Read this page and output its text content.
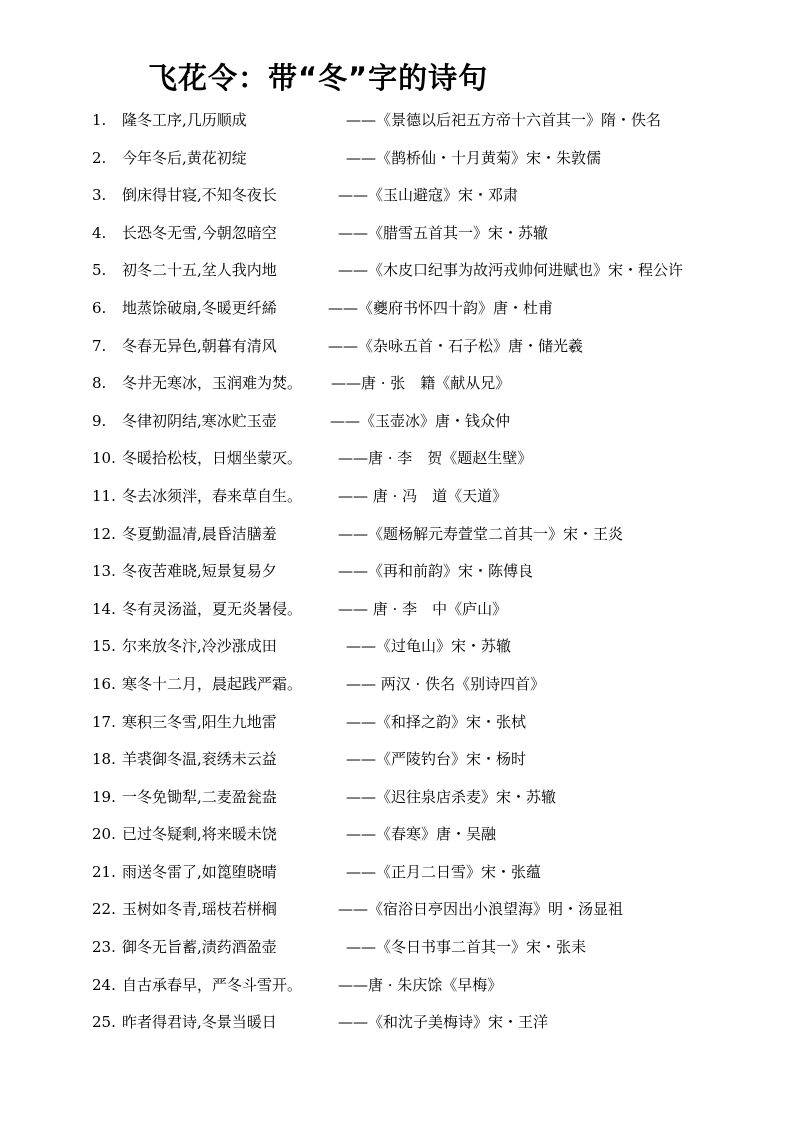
飞花令：带“冬”字的诗句
1. 隆冬工序,几历顺成	——《景德以后祀五方帝十六首其一》隋・佚名
2. 今年冬后,黄花初绽	——《鹊桥仙・十月黄菊》宋・朱敦儒
3. 倒床得甘寝,不知冬夜长	——《玉山避寇》宋・邓肃
4. 长恐冬无雪,今朝忽暗空	——《腊雪五首其一》宋・苏辙
5. 初冬二十五,坌人我内地	——《木皮口纪事为故沔戎帅何进赋也》宋・程公许
6. 地蒸馀破扇,冬暖更纤絺	——《夔府书怀四十韵》唐・杜甫
7. 冬春无异色,朝暮有清风	——《杂咏五首・石子松》唐・储光羲
8. 冬井无寒冰，玉润难为焚。 ——唐 · 张　籍《献从兄》
9. 冬律初阴结,寒冰贮玉壶	——《玉壶冰》唐・钱众仲
10. 冬暖拾松枝，日烟坐蒙灭。 ——唐 · 李　贺《题赵生壁》
11. 冬去冰须泮，春来草自生。 —— 唐 · 冯　道《天道》
12. 冬夏勤温凊,晨昏洁膳羞	——《题杨解元寿萱堂二首其一》宋・王炎
13. 冬夜苦难晓,短景复易夕	——《再和前韵》宋・陈傅良
14. 冬有灵汤溢，夏无炎暑侵。 —— 唐 · 李　中《庐山》
15. 尔来放冬汴,冷沙涨成田	——《过龟山》宋・苏辙
16. 寒冬十二月，晨起践严霜。	—— 两汉 · 佚名《别诗四首》
17. 寒积三冬雪,阳生九地雷	——《和择之韵》宋・张栻
18. 羊裘御冬温,衮绣未云益	——《严陵钓台》宋・杨时
19. 一冬免锄犁,二麦盈瓮盎	——《迟往泉店杀麦》宋・苏辙
20. 已过冬疑剩,将来暖未饶	——《春寒》唐・吴融
21. 雨送冬雷了,如箆堕晓晴	——《正月二日雪》宋・张蕴
22. 玉树如冬青,瑶枝若栟榈	——《宿浴日亭因出小浪望海》明・汤显祖
23. 御冬无旨蓄,渍药酒盈壶	——《冬日书事二首其一》宋・张耒
24. 自古承春早，严冬斗雪开。 ——唐 · 朱庆馀《早梅》
25. 昨者得君诗,冬景当暖日	——《和沈子美梅诗》宋・王洋
